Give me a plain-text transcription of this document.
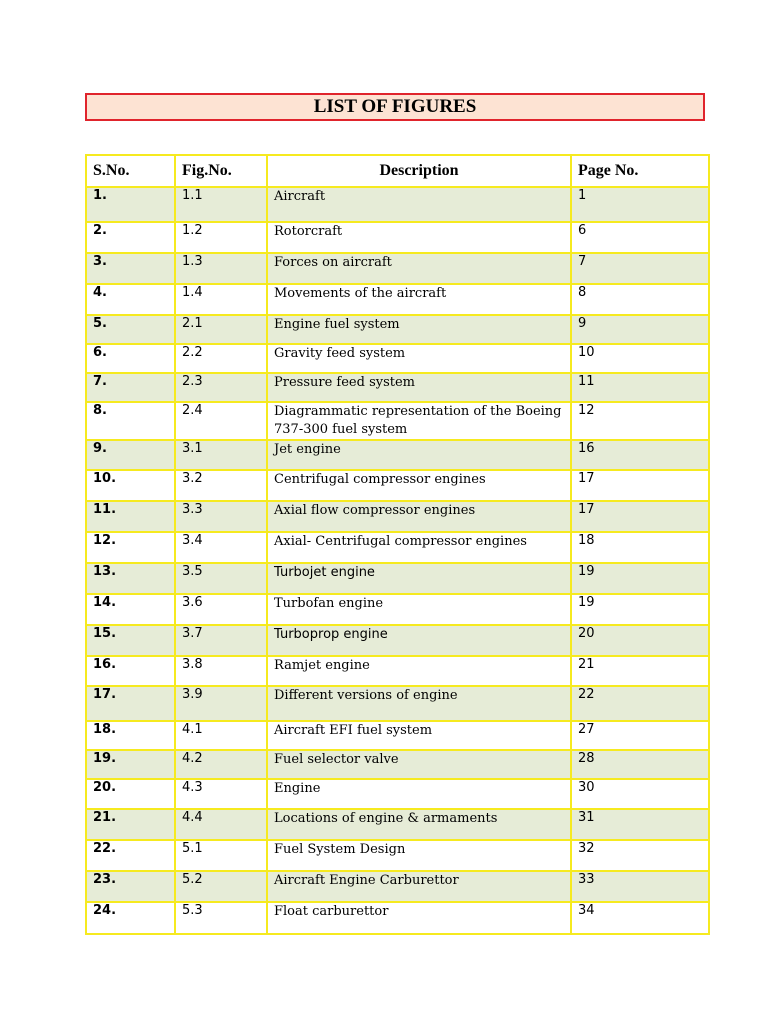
LIST OF FIGURES
S.No.	Fig.No.	Description	Page No.
1.	1.1	Aircraft	1
2.	1.2	Rotorcraft	6
3.	1.3	Forces on aircraft	7
4.	1.4	Movements of the aircraft	8
5.	2.1	Engine fuel system	9
6.	2.2	Gravity feed system	10
7.	2.3	Pressure feed system	11
8.	2.4	Diagrammatic representation of the Boeing 737-300 fuel system	12
9.	3.1	Jet engine	16
10.	3.2	Centrifugal compressor engines	17
11.	3.3	Axial flow compressor engines	17
12.	3.4	Axial- Centrifugal compressor engines	18
13.	3.5	Turbojet engine	19
14.	3.6	Turbofan engine	19
15.	3.7	Turboprop engine	20
16.	3.8	Ramjet engine	21
17.	3.9	Different versions of engine	22
18.	4.1	Aircraft EFI fuel system	27
19.	4.2	Fuel selector valve	28
20.	4.3	Engine	30
21.	4.4	Locations of engine & armaments	31
22.	5.1	Fuel System Design	32
23.	5.2	Aircraft Engine Carburettor	33
24.	5.3	Float carburettor	34
